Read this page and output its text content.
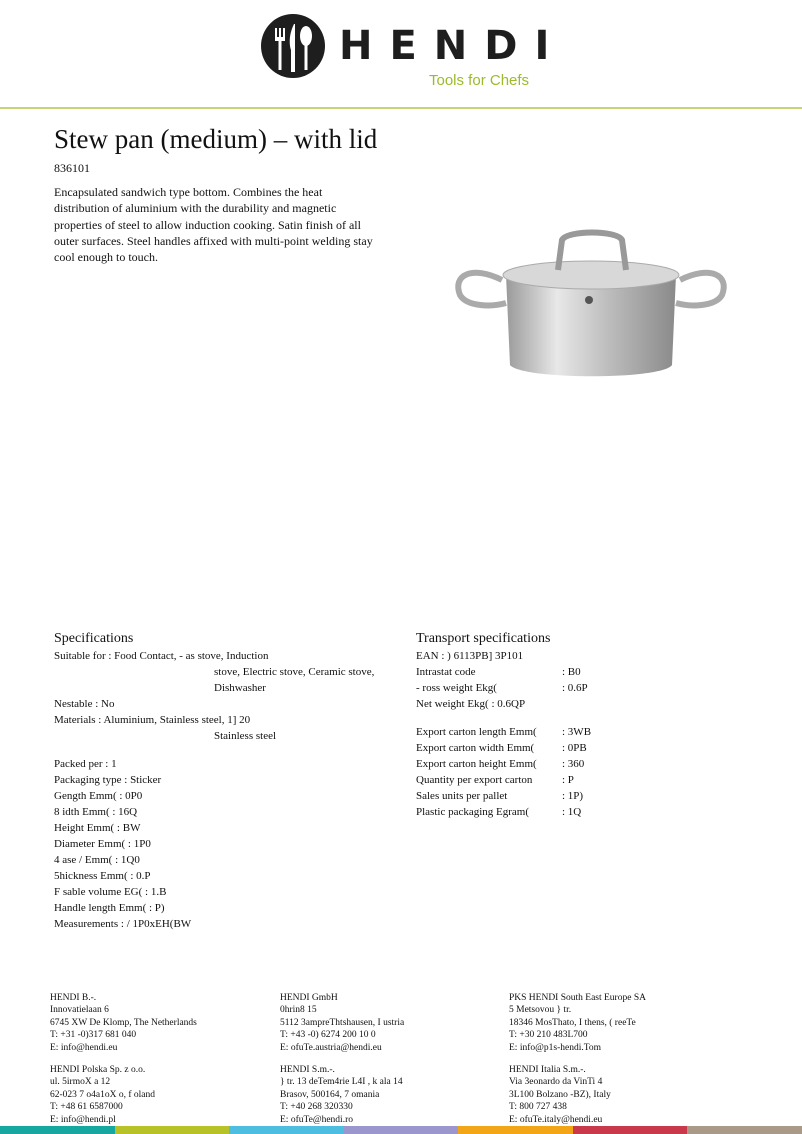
HENDI
Tools for Chefs
Stew pan (medium) – with lid
836101
Encapsulated sandwich type bottom. Combines the heat distribution of aluminium with the durability and magnetic properties of steel to allow induction cooking. Satin finish of all outer surfaces. Steel handles affixed with multi-point welding stay cool enough to touch.
Specifications
Suitable for : Food Contact, - as stove, Induction
stove, Electric stove, Ceramic stove,
Dishwasher
Nestable : No
Materials : Aluminium, Stainless steel, 1] 20
Stainless steel
Packed per : 1
Packaging type : Sticker
Gength Emm( : 0P0
8 idth Emm( : 16Q
Height Emm( : BW
Diameter Emm( : 1P0
4 ase / Emm( : 1Q0
5hickness Emm( : 0.P
F sable volume EG( : 1.B
Handle length Emm( : P)
Measurements : / 1P0xEH(BW
Transport specifications
EAN : ) 6113PB] 3P101
Intrastat code	: B0
- ross weight Ekg(	: 0.6P
Net weight Ekg( : 0.6QP
Export carton length Emm(	: 3WB
Export carton width Emm(	: 0PB
Export carton height Emm(	: 360
Quantity per export carton	: P
Sales units per pallet	: 1P)
Plastic packaging Egram(	: 1Q
HENDI B.-.
Innovatielaan 6
6745 XW De Klomp, The Netherlands
T: +31 -0)317 681 040
E: info@hendi.eu
HENDI Polska Sp. z o.o.
ul. 5irmoX a 12
62-023 7 o4a1oX o, f oland
T: +48 61 6587000
E: info@hendi.pl
HENDI GmbH
0hrin8 15
5112 3ampreThtshausen, I ustria
T: +43 -0) 6274 200 10 0
E: ofuTe.austria@hendi.eu
HENDI S.m.-.
} tr. 13 deTem4rie L4I , k ala 14
Brasov, 500164, 7 omania
T: +40 268 320330
E: ofuTe@hendi.ro
PKS HENDI South East Europe SA
5 Metsovou } tr.
18346 MosThato, I thens, ( reeTe
T: +30 210 483L700
E: info@p1s-hendi.Tom
HENDI Italia S.m.-.
Via 3eonardo da VinTi 4
3L100 Bolzano -BZ), Italy
T: 800 727 438
E: ofuTe.italy@hendi.eu
